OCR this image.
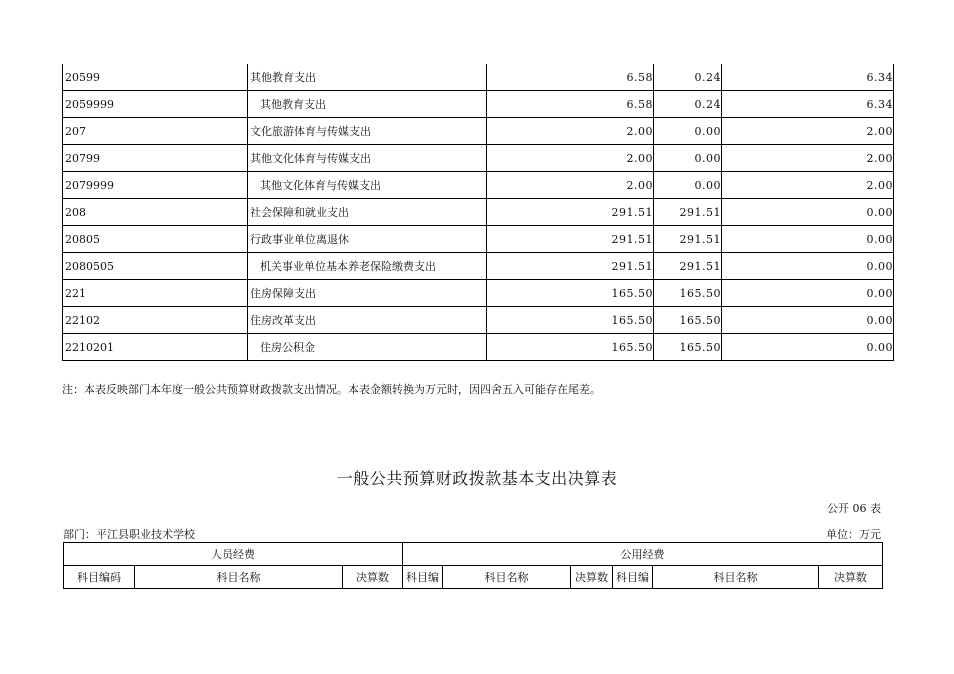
20599	其他教育支出	6.58	0.24	6.34
2059999	其他教育支出	6.58	0.24	6.34
207	文化旅游体育与传媒支出	2.00	0.00	2.00
20799	其他文化体育与传媒支出	2.00	0.00	2.00
2079999	其他文化体育与传媒支出	2.00	0.00	2.00
208	社会保障和就业支出	291.51	291.51	0.00
20805	行政事业单位离退休	291.51	291.51	0.00
2080505	机关事业单位基本养老保险缴费支出	291.51	291.51	0.00
221	住房保障支出	165.50	165.50	0.00
22102	住房改革支出	165.50	165.50	0.00
2210201	住房公积金	165.50	165.50	0.00
注：本表反映部门本年度一般公共预算财政拨款支出情况。本表金额转换为万元时，因四舍五入可能存在尾差。
一般公共预算财政拨款基本支出决算表
公开 06 表
部门：平江县职业技术学校	单位：万元
人员经费			公用经费					
科目编码	科目名称	决算数	科目编	科目名称	决算数	科目编	科目名称	决算数
